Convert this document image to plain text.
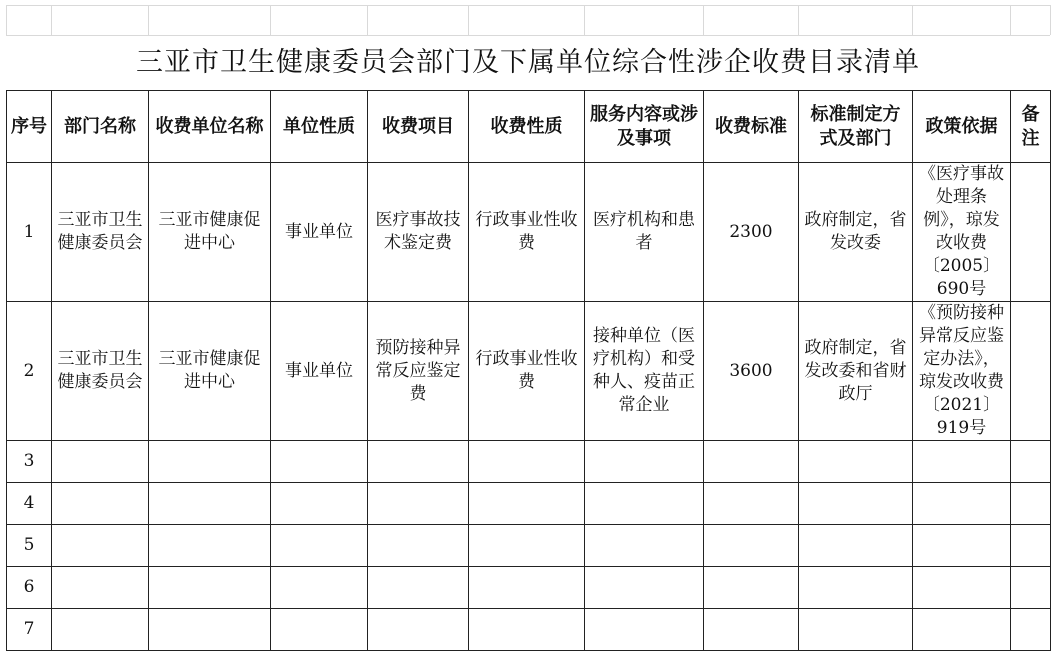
三亚市卫生健康委员会部门及下属单位综合性涉企收费目录清单
序号	部门名称	收费单位名称	单位性质	收费项目	收费性质	服务内容或涉及事项	收费标准	标准制定方式及部门	政策依据	备注
1	三亚市卫生健康委员会	三亚市健康促进中心	事业单位	医疗事故技术鉴定费	行政事业性收费	医疗机构和患者	2300	政府制定，省发改委	《医疗事故处理条例》，琼发改收费〔2005〕690号	
2	三亚市卫生健康委员会	三亚市健康促进中心	事业单位	预防接种异常反应鉴定费	行政事业性收费	接种单位（医疗机构）和受种人、疫苗正常企业	3600	政府制定，省发改委和省财政厅	《预防接种异常反应鉴定办法》，琼发改收费〔2021〕919号	
3										
4										
5										
6										
7										
